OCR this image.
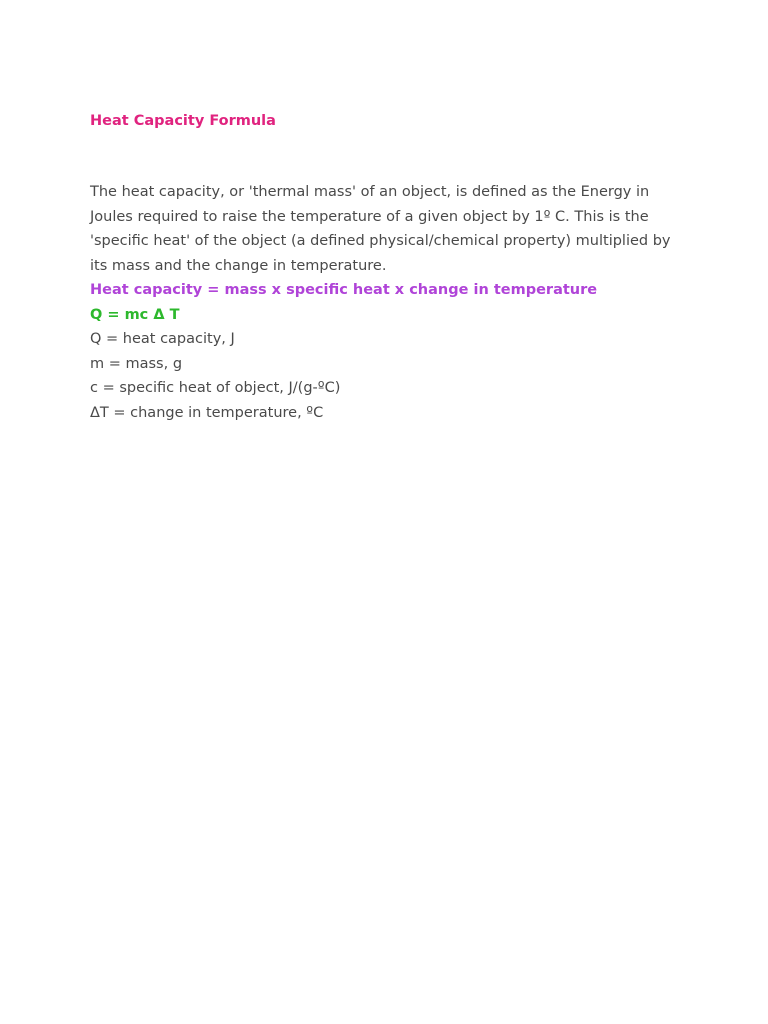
Heat Capacity Formula

The heat capacity, or 'thermal mass' of an object, is defined as the Energy in Joules required to raise the temperature of a given object by 1º C. This is the 'specific heat' of the object (a defined physical/chemical property) multiplied by its mass and the change in temperature.

Heat capacity = mass x specific heat x change in temperature

Q = mc Δ T

Q = heat capacity, J

m = mass, g

c = specific heat of object, J/(g-ºC)

ΔT = change in temperature, ºC
